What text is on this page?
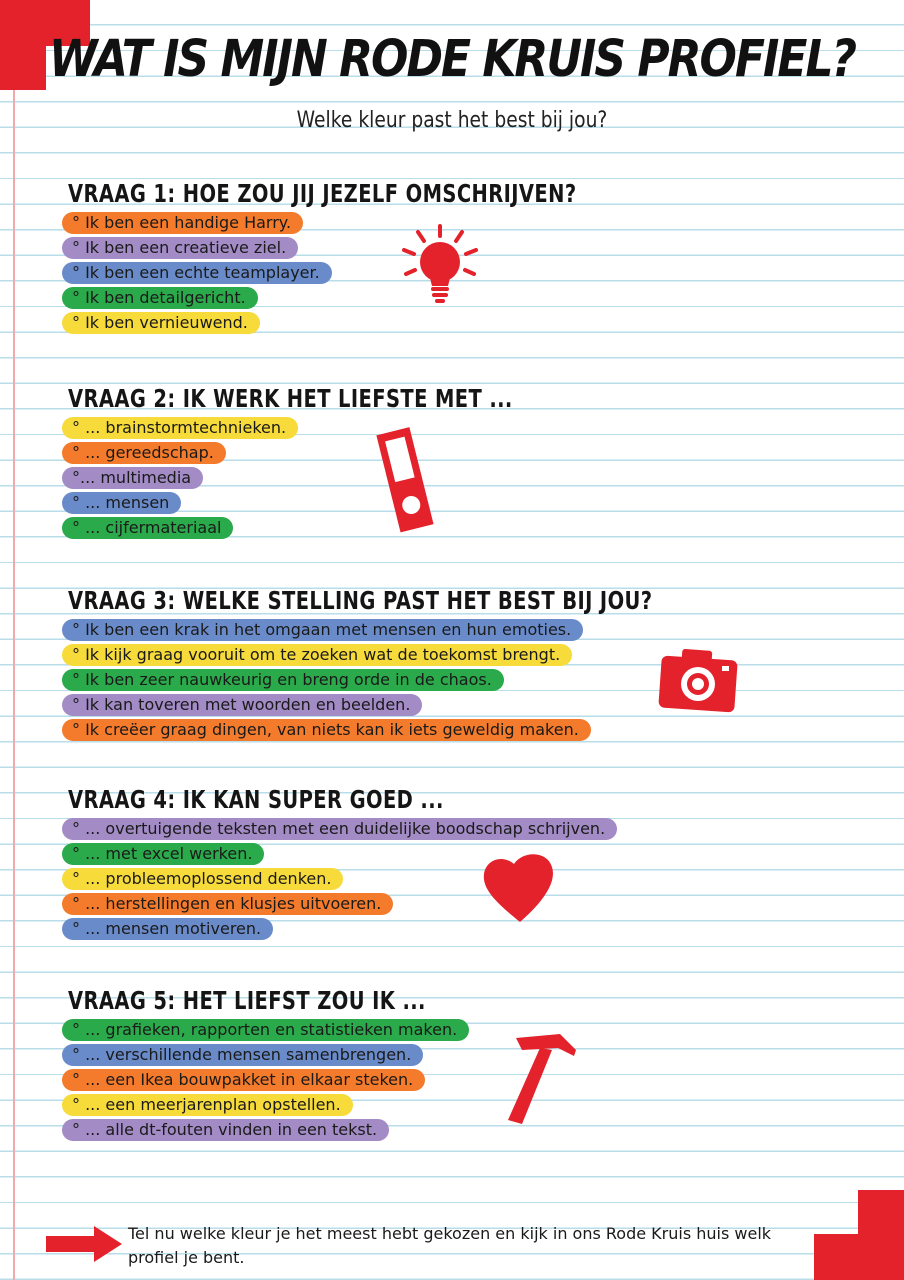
WAT IS MIJN RODE KRUIS PROFIEL?

Welke kleur past het best bij jou?

VRAAG 1: HOE ZOU JIJ JEZELF OMSCHRIJVEN?
° Ik ben een handige Harry.
° Ik ben een creatieve ziel.
° Ik ben een echte teamplayer.
° Ik ben detailgericht.
° Ik ben vernieuwend.
VRAAG 2: IK WERK HET LIEFSTE MET ...
° ... brainstormtechnieken.
° ... gereedschap.
°... multimedia
° ... mensen
° ... cijfermateriaal
VRAAG 3: WELKE STELLING PAST HET BEST BIJ JOU?
° Ik ben een krak in het omgaan met mensen en hun emoties.
° Ik kijk graag vooruit om te zoeken wat de toekomst brengt.
° Ik ben zeer nauwkeurig en breng orde in de chaos.
° Ik kan toveren met woorden en beelden.
° Ik creëer graag dingen, van niets kan ik iets geweldig maken.
VRAAG 4: IK KAN SUPER GOED ...
° ... overtuigende teksten met een duidelijke boodschap schrijven.
° ... met excel werken.
° ... probleemoplossend denken.
° ... herstellingen en klusjes uitvoeren.
° ... mensen motiveren.
VRAAG 5: HET LIEFST ZOU IK ...
° ... grafieken, rapporten en statistieken maken.
° ... verschillende mensen samenbrengen.
° ... een Ikea bouwpakket in elkaar steken.
° ... een meerjarenplan opstellen.
° ... alle dt-fouten vinden in een tekst.

Tel nu welke kleur je het meest hebt gekozen en kijk in ons Rode Kruis huis welk profiel je bent.
